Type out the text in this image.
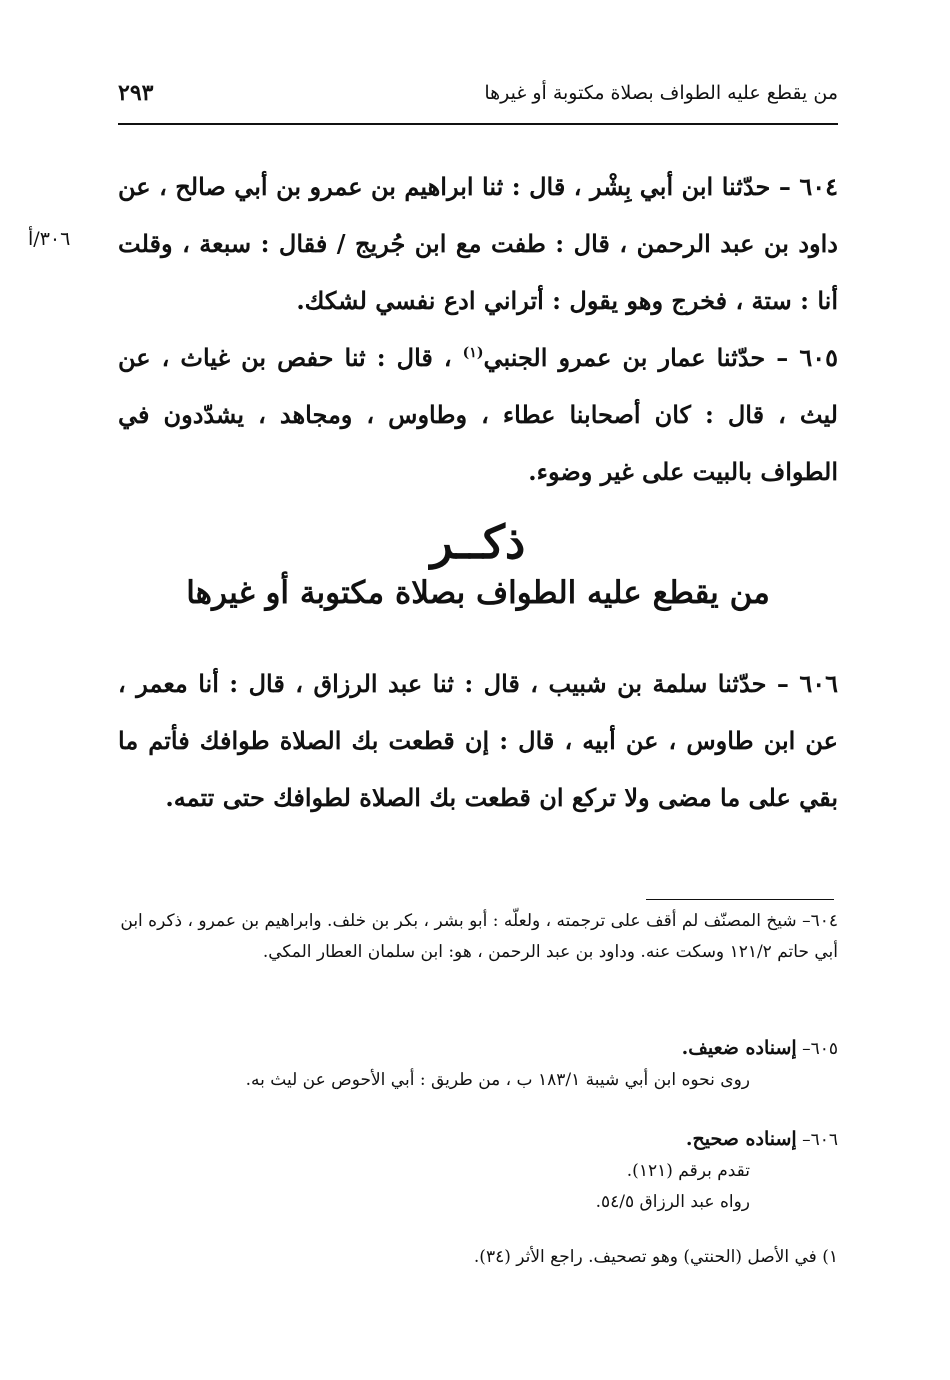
من يقطع عليه الطواف بصلاة مكتوبة أو غيرها
٢٩٣
٣٠٦/أ
٦٠٤ – حدّثنا ابن أبي بِشْر ، قال : ثنا ابراهيم بن عمرو بن أبي صالح ، عن داود بن عبد الرحمن ، قال : طفت مع ابن جُريج / فقال : سبعة ، وقلت أنا : ستة ، فخرج وهو يقول : أتراني ادع نفسي لشكك.
٦٠٥ – حدّثنا عمار بن عمرو الجنبي$^{(١)}$ ، قال : ثنا حفص بن غياث ، عن ليث ، قال : كان أصحابنا عطاء ، وطاوس ، ومجاهد ، يشدّدون في الطواف بالبيت على غير وضوء.
ذكــر
من يقطع عليه الطواف بصلاة مكتوبة أو غيرها
٦٠٦ – حدّثنا سلمة بن شبيب ، قال : ثنا عبد الرزاق ، قال : أنا معمر ، عن ابن طاوس ، عن أبيه ، قال : إن قطعت بك الصلاة طوافك فأتم ما بقي على ما مضى ولا تركع ان قطعت بك الصلاة لطوافك حتى تتمه.
٦٠٤– شيخ المصنّف لم أقف على ترجمته ، ولعلّه : أبو بشر ، بكر بن خلف. وابراهيم بن عمرو ، ذكره ابن أبي حاتم ١٢١/٢ وسكت عنه. وداود بن عبد الرحمن ، هو: ابن سلمان العطار المكي.
٦٠٥– إسناده ضعيف.
روى نحوه ابن أبي شيبة ١٨٣/١ ب ، من طريق : أبي الأحوص عن ليث به.
٦٠٦– إسناده صحيح.
تقدم برقم (١٢١).
رواه عبد الرزاق ٥٤/٥.
١) في الأصل (الحنتي) وهو تصحيف. راجع الأثر (٣٤).
